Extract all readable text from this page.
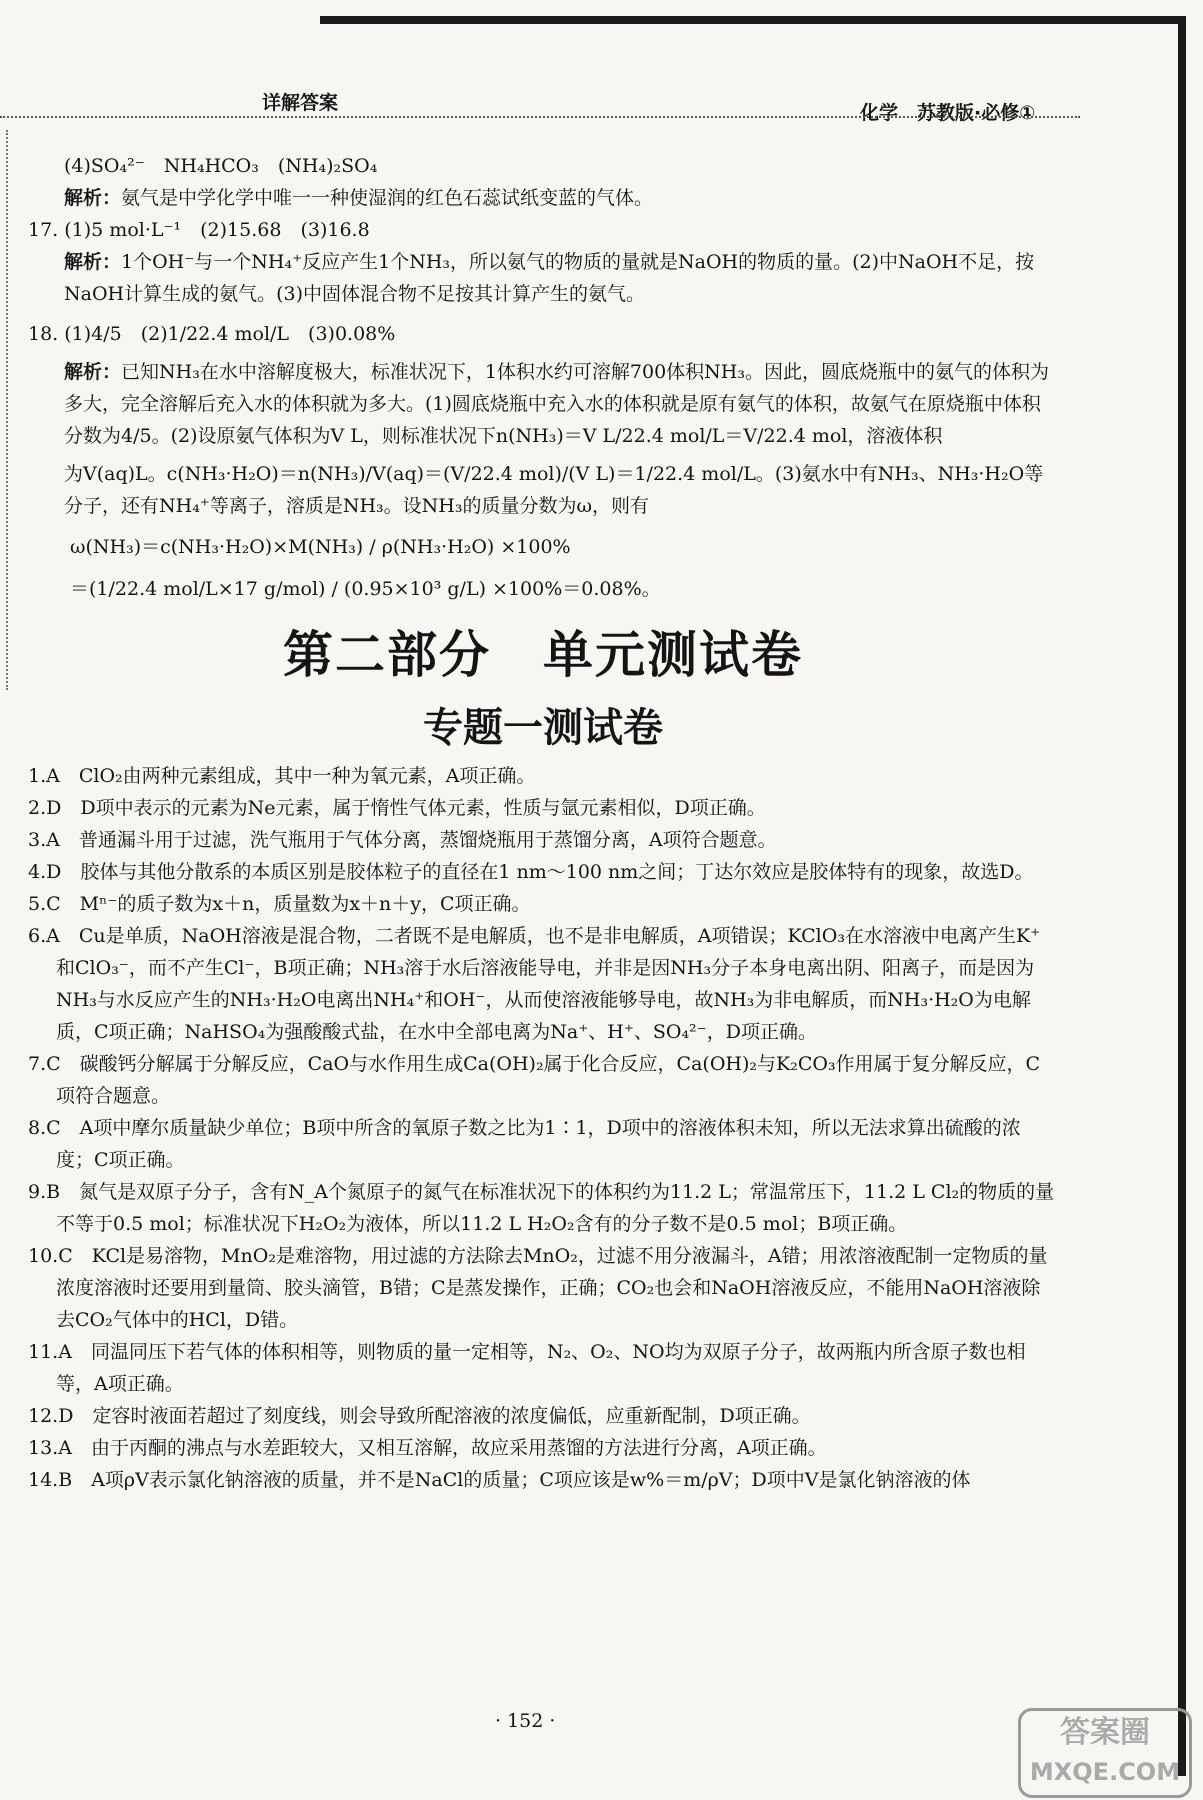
详解答案	化学　苏教版·必修①

(4)SO₄²⁻　NH₄HCO₃　(NH₄)₂SO₄

解析：氨气是中学化学中唯一一种使湿润的红色石蕊试纸变蓝的气体。

17. (1)5 mol·L⁻¹　(2)15.68　(3)16.8

解析：1个OH⁻与一个NH₄⁺反应产生1个NH₃，所以氨气的物质的量就是NaOH的物质的量。(2)中NaOH不足，按NaOH计算生成的氨气。(3)中固体混合物不足按其计算产生的氨气。

18. (1)4/5　(2)1/22.4 mol/L　(3)0.08%

解析：已知NH₃在水中溶解度极大，标准状况下，1体积水约可溶解700体积NH₃。因此，圆底烧瓶中的氨气的体积为多大，完全溶解后充入水的体积就为多大。(1)圆底烧瓶中充入水的体积就是原有氨气的体积，故氨气在原烧瓶中体积分数为4/5。(2)设原氨气体积为V L，则标准状况下n(NH₃)＝V L/22.4 mol/L＝V/22.4 mol，溶液体积

为V(aq)L。c(NH₃·H₂O)＝n(NH₃)/V(aq)＝(V/22.4 mol)/(V L)＝1/22.4 mol/L。(3)氨水中有NH₃、NH₃·H₂O等分子，还有NH₄⁺等离子，溶质是NH₃。设NH₃的质量分数为ω，则有

ω(NH₃)＝c(NH₃·H₂O)×M(NH₃) / ρ(NH₃·H₂O) ×100%

＝(1/22.4 mol/L×17 g/mol) / (0.95×10³ g/L) ×100%＝0.08%。

第二部分　单元测试卷

专题一测试卷

1.A　ClO₂由两种元素组成，其中一种为氧元素，A项正确。

2.D　D项中表示的元素为Ne元素，属于惰性气体元素，性质与氩元素相似，D项正确。

3.A　普通漏斗用于过滤，洗气瓶用于气体分离，蒸馏烧瓶用于蒸馏分离，A项符合题意。

4.D　胶体与其他分散系的本质区别是胶体粒子的直径在1 nm～100 nm之间；丁达尔效应是胶体特有的现象，故选D。

5.C　Mⁿ⁻的质子数为x＋n，质量数为x＋n＋y，C项正确。

6.A　Cu是单质，NaOH溶液是混合物，二者既不是电解质，也不是非电解质，A项错误；KClO₃在水溶液中电离产生K⁺和ClO₃⁻，而不产生Cl⁻，B项正确；NH₃溶于水后溶液能导电，并非是因NH₃分子本身电离出阴、阳离子，而是因为NH₃与水反应产生的NH₃·H₂O电离出NH₄⁺和OH⁻，从而使溶液能够导电，故NH₃为非电解质，而NH₃·H₂O为电解质，C项正确；NaHSO₄为强酸酸式盐，在水中全部电离为Na⁺、H⁺、SO₄²⁻，D项正确。

7.C　碳酸钙分解属于分解反应，CaO与水作用生成Ca(OH)₂属于化合反应，Ca(OH)₂与K₂CO₃作用属于复分解反应，C项符合题意。

8.C　A项中摩尔质量缺少单位；B项中所含的氧原子数之比为1∶1，D项中的溶液体积未知，所以无法求算出硫酸的浓度；C项正确。

9.B　氮气是双原子分子，含有N_A个氮原子的氮气在标准状况下的体积约为11.2 L；常温常压下，11.2 L Cl₂的物质的量不等于0.5 mol；标准状况下H₂O₂为液体，所以11.2 L H₂O₂含有的分子数不是0.5 mol；B项正确。

10.C　KCl是易溶物，MnO₂是难溶物，用过滤的方法除去MnO₂，过滤不用分液漏斗，A错；用浓溶液配制一定物质的量浓度溶液时还要用到量筒、胶头滴管，B错；C是蒸发操作，正确；CO₂也会和NaOH溶液反应，不能用NaOH溶液除去CO₂气体中的HCl，D错。

11.A　同温同压下若气体的体积相等，则物质的量一定相等，N₂、O₂、NO均为双原子分子，故两瓶内所含原子数也相等，A项正确。

12.D　定容时液面若超过了刻度线，则会导致所配溶液的浓度偏低，应重新配制，D项正确。

13.A　由于丙酮的沸点与水差距较大，又相互溶解，故应采用蒸馏的方法进行分离，A项正确。

14.B　A项ρV表示氯化钠溶液的质量，并不是NaCl的质量；C项应该是w%＝m/ρV；D项中V是氯化钠溶液的体

· 152 ·	答案圈
MXQE.COM
